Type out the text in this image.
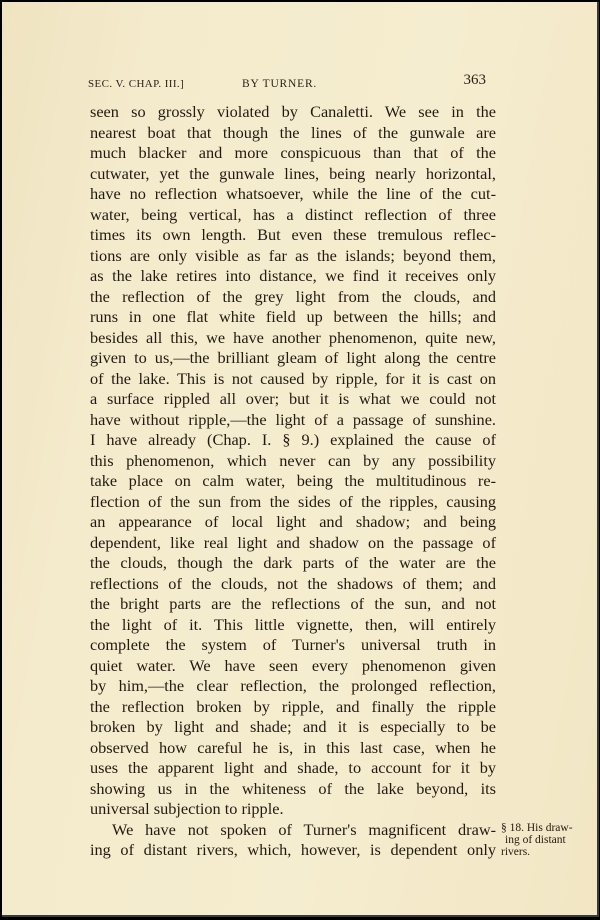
SEC. V. CHAP. III.]	BY TURNER.	363
seen so grossly violated by Canaletti. We see in the
nearest boat that though the lines of the gunwale are
much blacker and more conspicuous than that of the
cutwater, yet the gunwale lines, being nearly horizontal,
have no reflection whatsoever, while the line of the cut-
water, being vertical, has a distinct reflection of three
times its own length. But even these tremulous reflec-
tions are only visible as far as the islands; beyond them,
as the lake retires into distance, we find it receives only
the reflection of the grey light from the clouds, and
runs in one flat white field up between the hills; and
besides all this, we have another phenomenon, quite new,
given to us,—the brilliant gleam of light along the centre
of the lake. This is not caused by ripple, for it is cast on
a surface rippled all over; but it is what we could not
have without ripple,—the light of a passage of sunshine.
I have already (Chap. I. § 9.) explained the cause of
this phenomenon, which never can by any possibility
take place on calm water, being the multitudinous re-
flection of the sun from the sides of the ripples, causing
an appearance of local light and shadow; and being
dependent, like real light and shadow on the passage of
the clouds, though the dark parts of the water are the
reflections of the clouds, not the shadows of them; and
the bright parts are the reflections of the sun, and not
the light of it. This little vignette, then, will entirely
complete the system of Turner's universal truth in
quiet water. We have seen every phenomenon given
by him,—the clear reflection, the prolonged reflection,
the reflection broken by ripple, and finally the ripple
broken by light and shade; and it is especially to be
observed how careful he is, in this last case, when he
uses the apparent light and shade, to account for it by
showing us in the whiteness of the lake beyond, its
universal subjection to ripple.
We have not spoken of Turner's magnificent draw-
ing of distant rivers, which, however, is dependent only
§ 18. His draw-
ing of distant
rivers.
